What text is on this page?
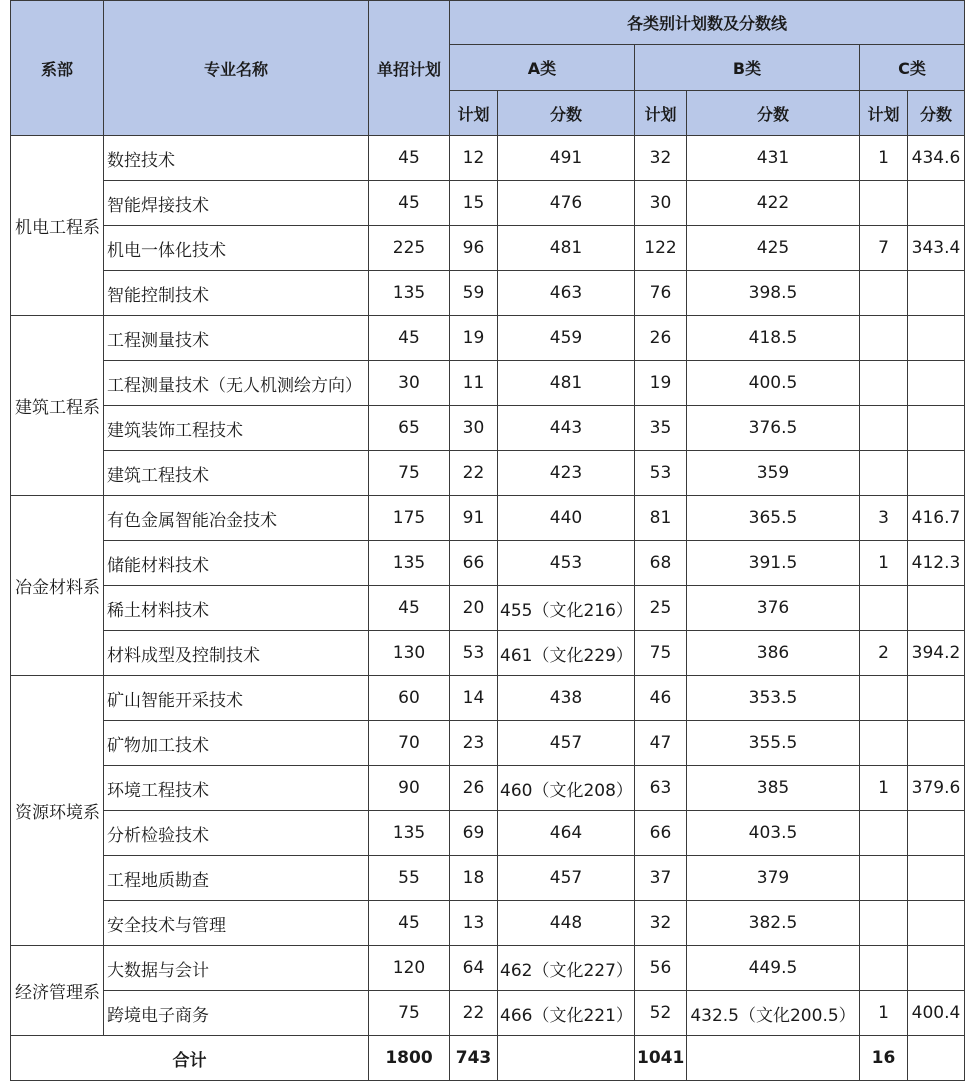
系部	专业名称	单招计划	各类别计划数及分数线					
			A类		B类		C类	
			计划	分数	计划	分数	计划	分数
机电工程系	数控技术	45	12	491	32	431	1	434.6
	智能焊接技术	45	15	476	30	422		
	机电一体化技术	225	96	481	122	425	7	343.4
	智能控制技术	135	59	463	76	398.5		
建筑工程系	工程测量技术	45	19	459	26	418.5		
	工程测量技术（无人机测绘方向）	30	11	481	19	400.5		
	建筑装饰工程技术	65	30	443	35	376.5		
	建筑工程技术	75	22	423	53	359		
冶金材料系	有色金属智能冶金技术	175	91	440	81	365.5	3	416.7
	储能材料技术	135	66	453	68	391.5	1	412.3
	稀土材料技术	45	20	455（文化216）	25	376		
	材料成型及控制技术	130	53	461（文化229）	75	386	2	394.2
资源环境系	矿山智能开采技术	60	14	438	46	353.5		
	矿物加工技术	70	23	457	47	355.5		
	环境工程技术	90	26	460（文化208）	63	385	1	379.6
	分析检验技术	135	69	464	66	403.5		
	工程地质勘查	55	18	457	37	379		
	安全技术与管理	45	13	448	32	382.5		
经济管理系	大数据与会计	120	64	462（文化227）	56	449.5		
	跨境电子商务	75	22	466（文化221）	52	432.5（文化200.5）	1	400.4
合计		1800	743		1041		16	
